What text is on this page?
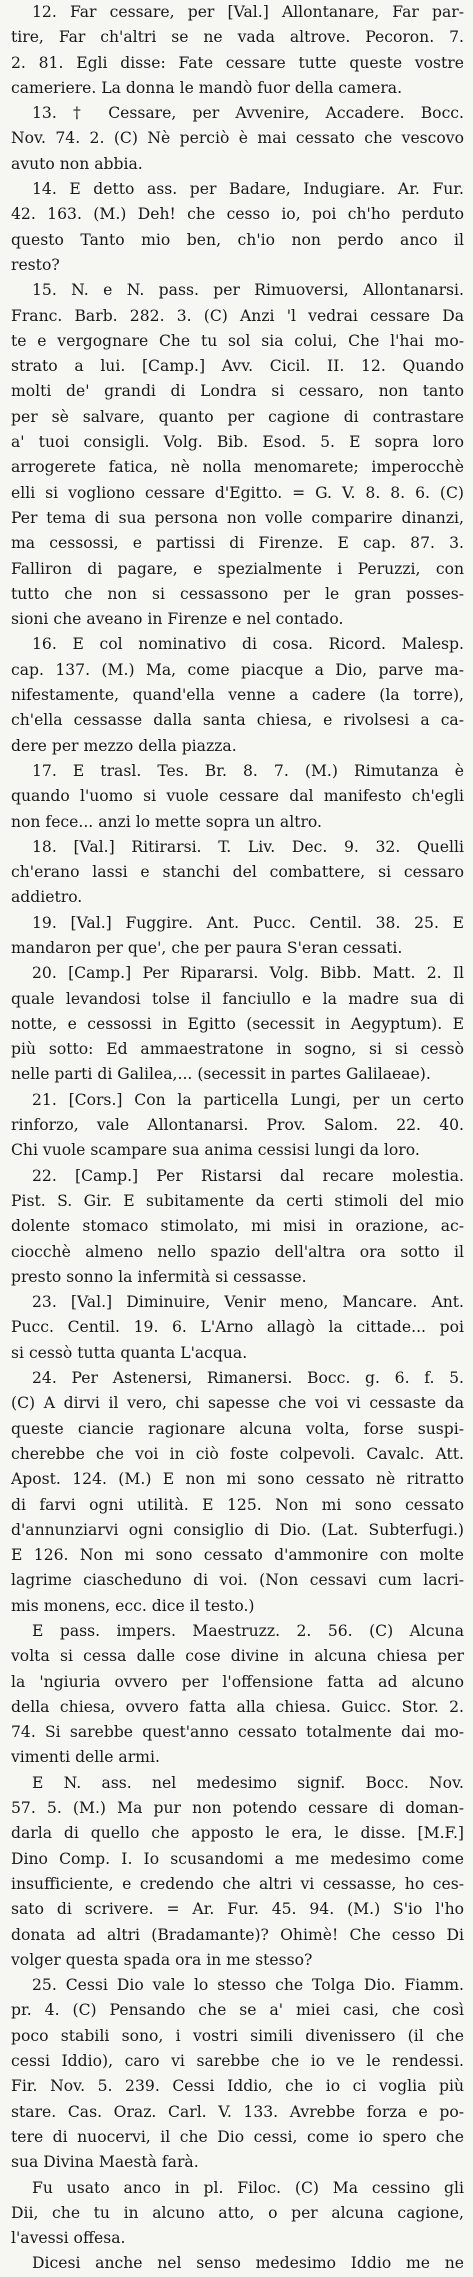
12. Far cessare, per [Val.] Allontanare, Far par-
tire, Far ch'altri se ne vada altrove. Pecoron. 7.
2. 81. Egli disse: Fate cessare tutte queste vostre
cameriere. La donna le mandò fuor della camera.
13. † Cessare, per Avvenire, Accadere. Bocc.
Nov. 74. 2. (C) Nè perciò è mai cessato che vescovo
avuto non abbia.
14. E detto ass. per Badare, Indugiare. Ar. Fur.
42. 163. (M.) Deh! che cesso io, poi ch'ho perduto
questo Tanto mio ben, ch'io non perdo anco il
resto?
15. N. e N. pass. per Rimuoversi, Allontanarsi.
Franc. Barb. 282. 3. (C) Anzi 'l vedrai cessare Da
te e vergognare Che tu sol sia colui, Che l'hai mo-
strato a lui. [Camp.] Avv. Cicil. II. 12. Quando
molti de' grandi di Londra si cessaro, non tanto
per sè salvare, quanto per cagione di contrastare
a' tuoi consigli. Volg. Bib. Esod. 5. E sopra loro
arrogerete fatica, nè nolla menomarete; imperocchè
elli si vogliono cessare d'Egitto. = G. V. 8. 8. 6. (C)
Per tema di sua persona non volle comparire dinanzi,
ma cessossi, e partissi di Firenze. E cap. 87. 3.
Falliron di pagare, e spezialmente i Peruzzi, con
tutto che non si cessassono per le gran posses-
sioni che aveano in Firenze e nel contado.
16. E col nominativo di cosa. Ricord. Malesp.
cap. 137. (M.) Ma, come piacque a Dio, parve ma-
nifestamente, quand'ella venne a cadere (la torre),
ch'ella cessasse dalla santa chiesa, e rivolsesi a ca-
dere per mezzo della piazza.
17. E trasl. Tes. Br. 8. 7. (M.) Rimutanza è
quando l'uomo si vuole cessare dal manifesto ch'egli
non fece... anzi lo mette sopra un altro.
18. [Val.] Ritirarsi. T. Liv. Dec. 9. 32. Quelli
ch'erano lassi e stanchi del combattere, si cessaro
addietro.
19. [Val.] Fuggire. Ant. Pucc. Centil. 38. 25. E
mandaron per que', che per paura S'eran cessati.
20. [Camp.] Per Ripararsi. Volg. Bibb. Matt. 2. Il
quale levandosi tolse il fanciullo e la madre sua di
notte, e cessossi in Egitto (secessit in Aegyptum). E
più sotto: Ed ammaestratone in sogno, si si cessò
nelle parti di Galilea,... (secessit in partes Galilaeae).
21. [Cors.] Con la particella Lungi, per un certo
rinforzo, vale Allontanarsi. Prov. Salom. 22. 40.
Chi vuole scampare sua anima cessisi lungi da loro.
22. [Camp.] Per Ristarsi dal recare molestia.
Pist. S. Gir. E subitamente da certi stimoli del mio
dolente stomaco stimolato, mi misi in orazione, ac-
ciocchè almeno nello spazio dell'altra ora sotto il
presto sonno la infermità si cessasse.
23. [Val.] Diminuire, Venir meno, Mancare. Ant.
Pucc. Centil. 19. 6. L'Arno allagò la cittade... poi
si cessò tutta quanta L'acqua.
24. Per Astenersi, Rimanersi. Bocc. g. 6. f. 5.
(C) A dirvi il vero, chi sapesse che voi vi cessaste da
queste ciancie ragionare alcuna volta, forse suspi-
cherebbe che voi in ciò foste colpevoli. Cavalc. Att.
Apost. 124. (M.) E non mi sono cessato nè ritratto
di farvi ogni utilità. E 125. Non mi sono cessato
d'annunziarvi ogni consiglio di Dio. (Lat. Subterfugi.)
E 126. Non mi sono cessato d'ammonire con molte
lagrime ciascheduno di voi. (Non cessavi cum lacri-
mis monens, ecc. dice il testo.)
E pass. impers. Maestruzz. 2. 56. (C) Alcuna
volta si cessa dalle cose divine in alcuna chiesa per
la 'ngiuria ovvero per l'offensione fatta ad alcuno
della chiesa, ovvero fatta alla chiesa. Guicc. Stor. 2.
74. Si sarebbe quest'anno cessato totalmente dai mo-
vimenti delle armi.
E N. ass. nel medesimo signif. Bocc. Nov.
57. 5. (M.) Ma pur non potendo cessare di doman-
darla di quello che apposto le era, le disse. [M.F.]
Dino Comp. I. Io scusandomi a me medesimo come
insufficiente, e credendo che altri vi cessasse, ho ces-
sato di scrivere. = Ar. Fur. 45. 94. (M.) S'io l'ho
donata ad altri (Bradamante)? Ohimè! Che cesso Di
volger questa spada ora in me stesso?
25. Cessi Dio vale lo stesso che Tolga Dio. Fiamm.
pr. 4. (C) Pensando che se a' miei casi, che così
poco stabili sono, i vostri simili divenissero (il che
cessi Iddio), caro vi sarebbe che io ve le rendessi.
Fir. Nov. 5. 239. Cessi Iddio, che io ci voglia più
stare. Cas. Oraz. Carl. V. 133. Avrebbe forza e po-
tere di nuocervi, il che Dio cessi, come io spero che
sua Divina Maestà farà.
Fu usato anco in pl. Filoc. (C) Ma cessino gli
Dii, che tu in alcuno atto, o per alcuna cagione,
l'avessi offesa.
Dicesi anche nel senso medesimo Iddio me ne
